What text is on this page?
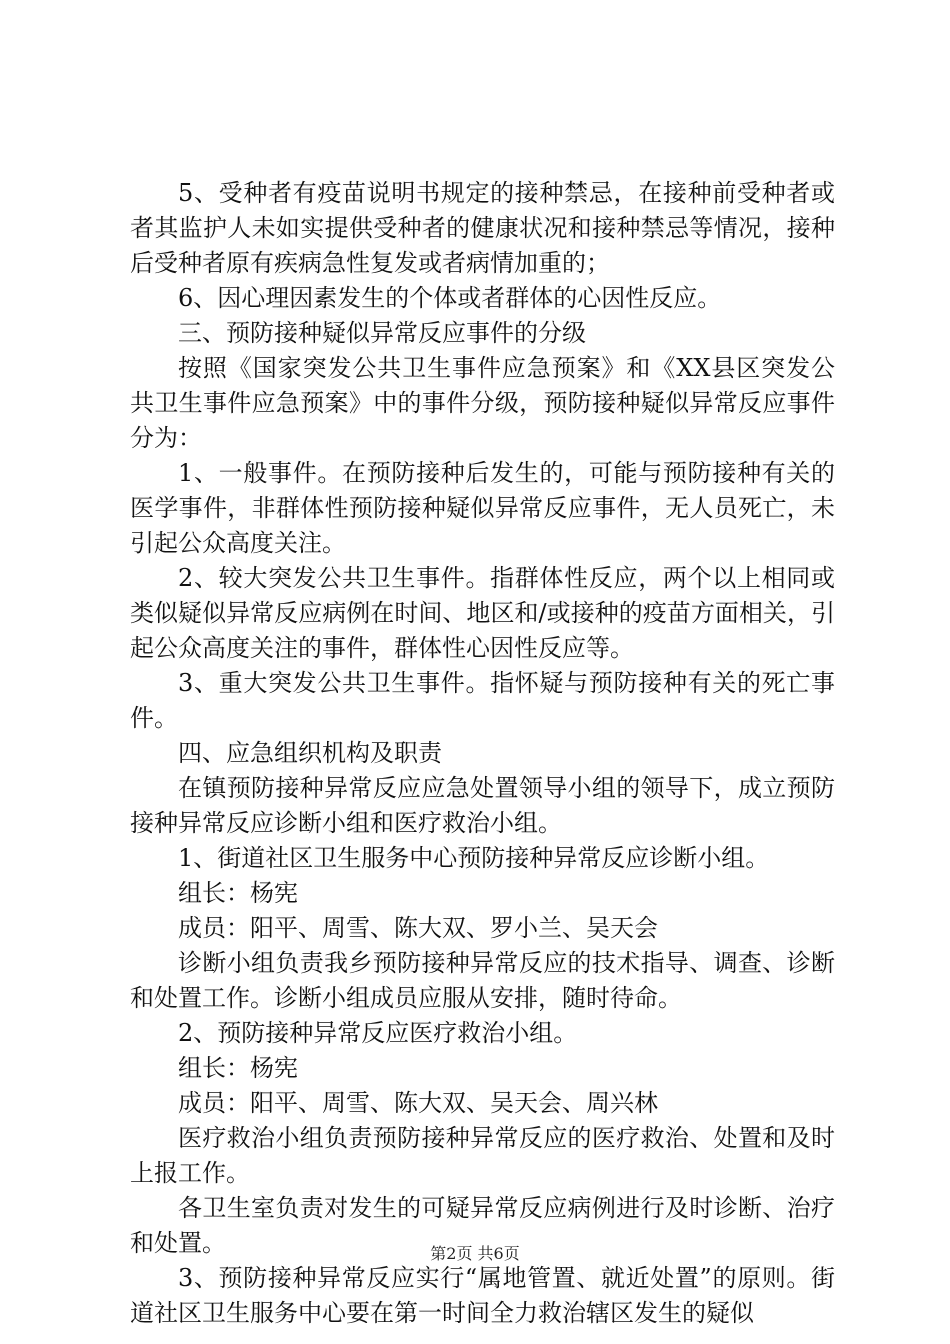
5、受种者有疫苗说明书规定的接种禁忌，在接种前受种者或者其监护人未如实提供受种者的健康状况和接种禁忌等情况，接种后受种者原有疾病急性复发或者病情加重的；

6、因心理因素发生的个体或者群体的心因性反应。

三、预防接种疑似异常反应事件的分级

按照《国家突发公共卫生事件应急预案》和《XX县区突发公共卫生事件应急预案》中的事件分级，预防接种疑似异常反应事件分为：

1、一般事件。在预防接种后发生的，可能与预防接种有关的医学事件，非群体性预防接种疑似异常反应事件，无人员死亡，未引起公众高度关注。

2、较大突发公共卫生事件。指群体性反应，两个以上相同或类似疑似异常反应病例在时间、地区和/或接种的疫苗方面相关，引起公众高度关注的事件，群体性心因性反应等。

3、重大突发公共卫生事件。指怀疑与预防接种有关的死亡事件。

四、应急组织机构及职责

在镇预防接种异常反应应急处置领导小组的领导下，成立预防接种异常反应诊断小组和医疗救治小组。

1、街道社区卫生服务中心预防接种异常反应诊断小组。

组长：杨宪

成员：阳平、周雪、陈大双、罗小兰、吴天会

诊断小组负责我乡预防接种异常反应的技术指导、调查、诊断和处置工作。诊断小组成员应服从安排，随时待命。

2、预防接种异常反应医疗救治小组。

组长：杨宪

成员：阳平、周雪、陈大双、吴天会、周兴林

医疗救治小组负责预防接种异常反应的医疗救治、处置和及时上报工作。

各卫生室负责对发生的可疑异常反应病例进行及时诊断、治疗和处置。

3、预防接种异常反应实行“属地管置、就近处置”的原则。街道社区卫生服务中心要在第一时间全力救治辖区发生的疑似

第2页 共6页
